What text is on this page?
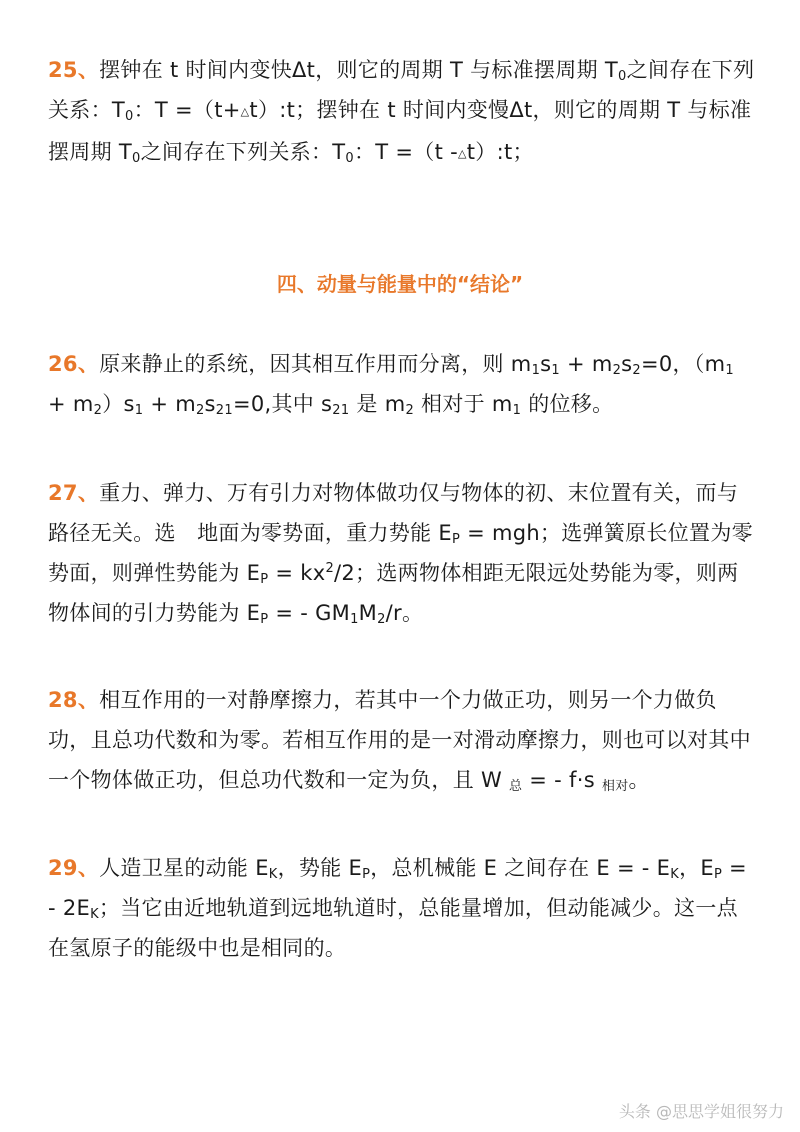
25、摆钟在 t 时间内变快Δt，则它的周期 T 与标准摆周期 $T_0$之间存在下列关系：$T_0$：T =（t+△t）:t；摆钟在 t 时间内变慢Δt，则它的周期 T 与标准摆周期 $T_0$之间存在下列关系：$T_0$：T =（t -△t）:t；
四、动量与能量中的“结论”
26、原来静止的系统，因其相互作用而分离，则 $m_1s_1 + m_2s_2=0$，$(m_1 + m_2)s_1 + m_2s_{21}=0$,其中 $s_{21}$ 是 $m_2$ 相对于 $m_1$ 的位移。
27、重力、弹力、万有引力对物体做功仅与物体的初、末位置有关，而与路径无关。选　地面为零势面，重力势能 $E_P$ = mgh；选弹簧原长位置为零势面，则弹性势能为 $E_P = kx^2/2$；选两物体相距无限远处势能为零，则两物体间的引力势能为 $E_P$ = - $GM_1M_2/r$。
28、相互作用的一对静摩擦力，若其中一个力做正功，则另一个力做负功，且总功代数和为零。若相互作用的是一对滑动摩擦力，则也可以对其中一个物体做正功，但总功代数和一定为负，且 W 总 = - f·s 相对。
29、人造卫星的动能 $E_K$，势能 $E_P$，总机械能 E 之间存在 E = - $E_K$，$E_P$ = - $2E_K$；当它由近地轨道到远地轨道时，总能量增加，但动能减少。这一点在氢原子的能级中也是相同的。
头条 @思思学姐很努力
